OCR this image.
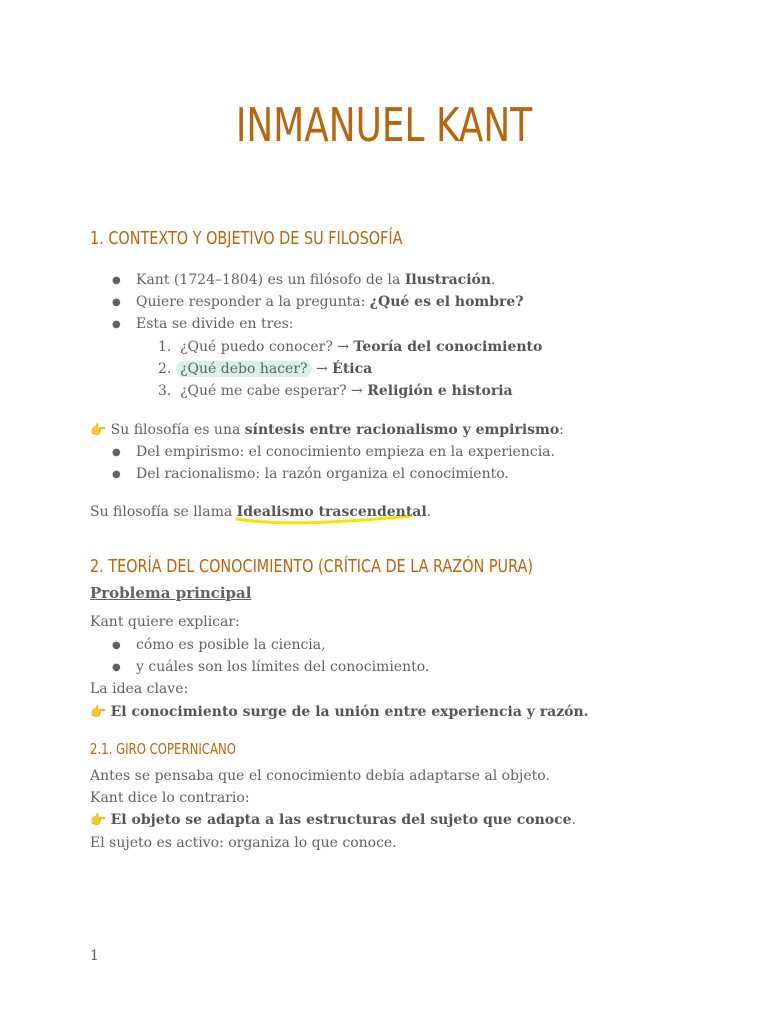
INMANUEL KANT
1. CONTEXTO Y OBJETIVO DE SU FILOSOFÍA
● Kant (1724–1804) es un filósofo de la Ilustración.
● Quiere responder a la pregunta: ¿Qué es el hombre?
● Esta se divide en tres:
1. ¿Qué puedo conocer? → Teoría del conocimiento
2. ¿Qué debo hacer? → Ética
3. ¿Qué me cabe esperar? → Religión e historia
👉 Su filosofía es una síntesis entre racionalismo y empirismo:
● Del empirismo: el conocimiento empieza en la experiencia.
● Del racionalismo: la razón organiza el conocimiento.
Su filosofía se llama
Idealismo trascendental.
2. TEORÍA DEL CONOCIMIENTO (CRÍTICA DE LA RAZÓN PURA)
Problema principal
Kant quiere explicar:
● cómo es posible la ciencia,
● y cuáles son los límites del conocimiento.
La idea clave:
👉 El conocimiento surge de la unión entre experiencia y razón.
2.1. GIRO COPERNICANO
Antes se pensaba que el conocimiento debía adaptarse al objeto.
Kant dice lo contrario:
👉 El objeto se adapta a las estructuras del sujeto que conoce.
El sujeto es activo: organiza lo que conoce.
1
